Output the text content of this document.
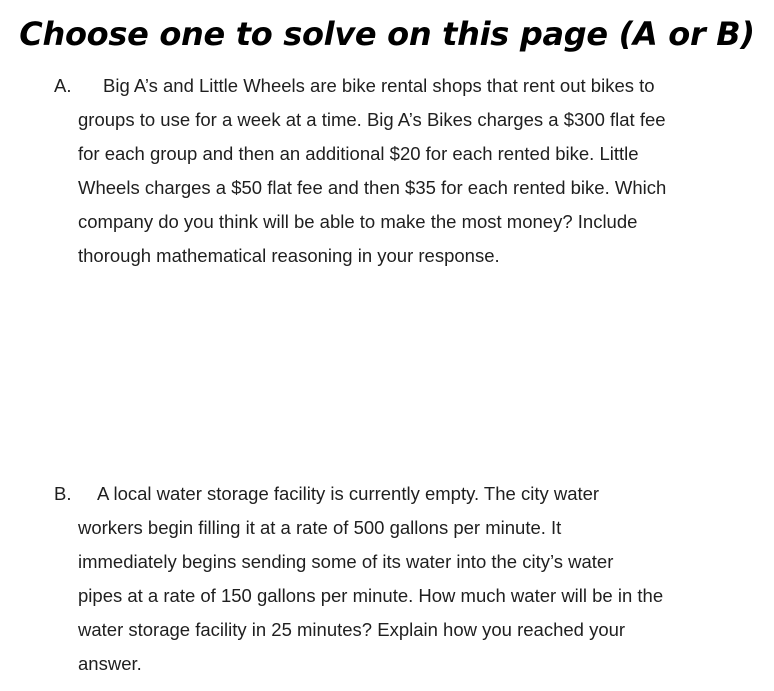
Choose one to solve on this page (A or B)
A.	Big A’s and Little Wheels are bike rental shops that rent out bikes to
groups to use for a week at a time. Big A’s Bikes charges a $300 flat fee
for each group and then an additional $20 for each rented bike. Little
Wheels charges a $50 flat fee and then $35 for each rented bike. Which
company do you think will be able to make the most money? Include
thorough mathematical reasoning in your response.
B.	A local water storage facility is currently empty. The city water
workers begin filling it at a rate of 500 gallons per minute. It
immediately begins sending some of its water into the city’s water
pipes at a rate of 150 gallons per minute. How much water will be in the
water storage facility in 25 minutes? Explain how you reached your
answer.
